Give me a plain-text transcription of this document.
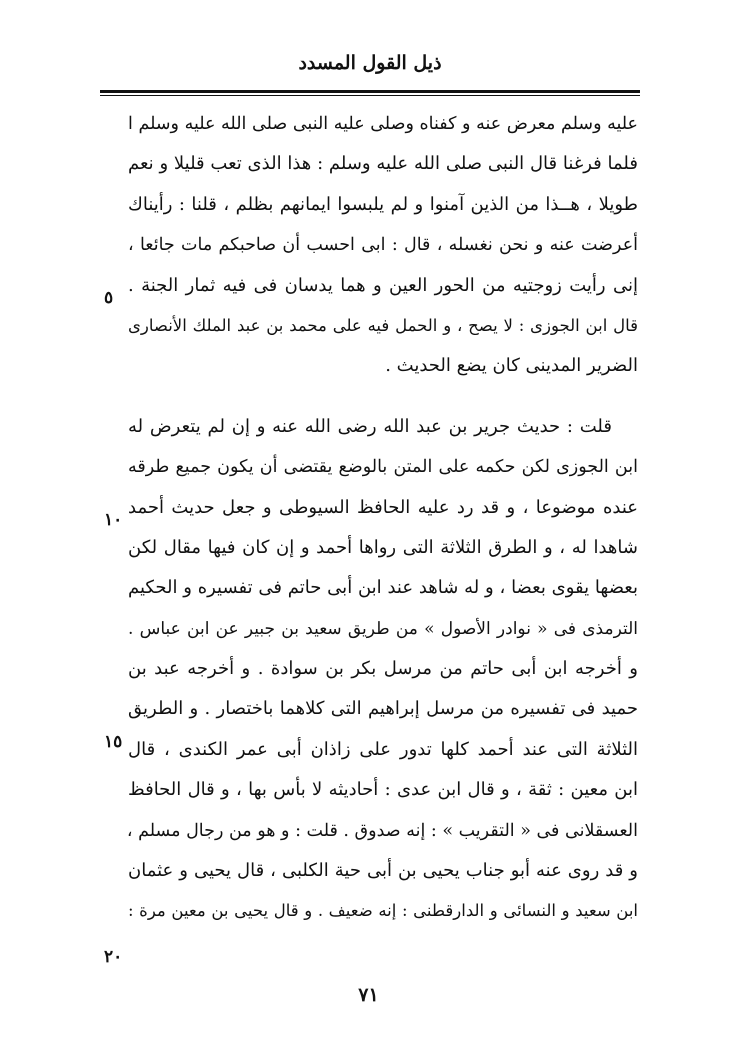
ذيل القول المسدد
عليه وسلم معرض عنه و كفناه وصلى عليه النبى صلى الله عليه وسلم ا
فلما فرغنا قال النبى صلى الله عليه وسلم : هذا الذى تعب قليلا و نعم
طويلا ، هــذا من الذين آمنوا و لم يلبسوا ايمانهم بظلم ، قلنا : رأيناك
أعرضت عنه و نحن نغسله ، قال : ابى احسب أن صاحبكم مات جائعا ،
إنى رأيت زوجتيه من الحور العين و هما يدسان فى فيه ثمار الجنة .
قال ابن الجوزى : لا يصح ، و الحمل فيه على محمد بن عبد الملك الأنصارى
الضرير المدينى كان يضع الحديث .
قلت : حديث جرير بن عبد الله رضى الله عنه و إن لم يتعرض له
ابن الجوزى لكن حكمه على المتن بالوضع يقتضى أن يكون جميع طرقه
عنده موضوعا ، و قد رد عليه الحافظ السيوطى و جعل حديث أحمد
شاهدا له ، و الطرق الثلاثة التى رواها أحمد و إن كان فيها مقال لكن
بعضها يقوى بعضا ، و له شاهد عند ابن أبى حاتم فى تفسيره و الحكيم
الترمذى فى « نوادر الأصول » من طريق سعيد بن جبير عن ابن عباس .
و أخرجه ابن أبى حاتم من مرسل بكر بن سوادة . و أخرجه عبد بن
حميد فى تفسيره من مرسل إبراهيم التى كلاهما باختصار . و الطريق
الثلاثة التى عند أحمد كلها تدور على زاذان أبى عمر الكندى ، قال
ابن معين : ثقة ، و قال ابن عدى : أحاديثه لا بأس بها ، و قال الحافظ
العسقلانى فى « التقريب » : إنه صدوق . قلت : و هو من رجال مسلم ،
و قد روى عنه أبو جناب يحيى بن أبى حية الكلبى ، قال يحيى و عثمان
ابن سعيد و النسائى و الدارقطنى : إنه ضعيف . و قال يحيى بن معين مرة :
٥
١٠
١٥
٢٠
٧١
